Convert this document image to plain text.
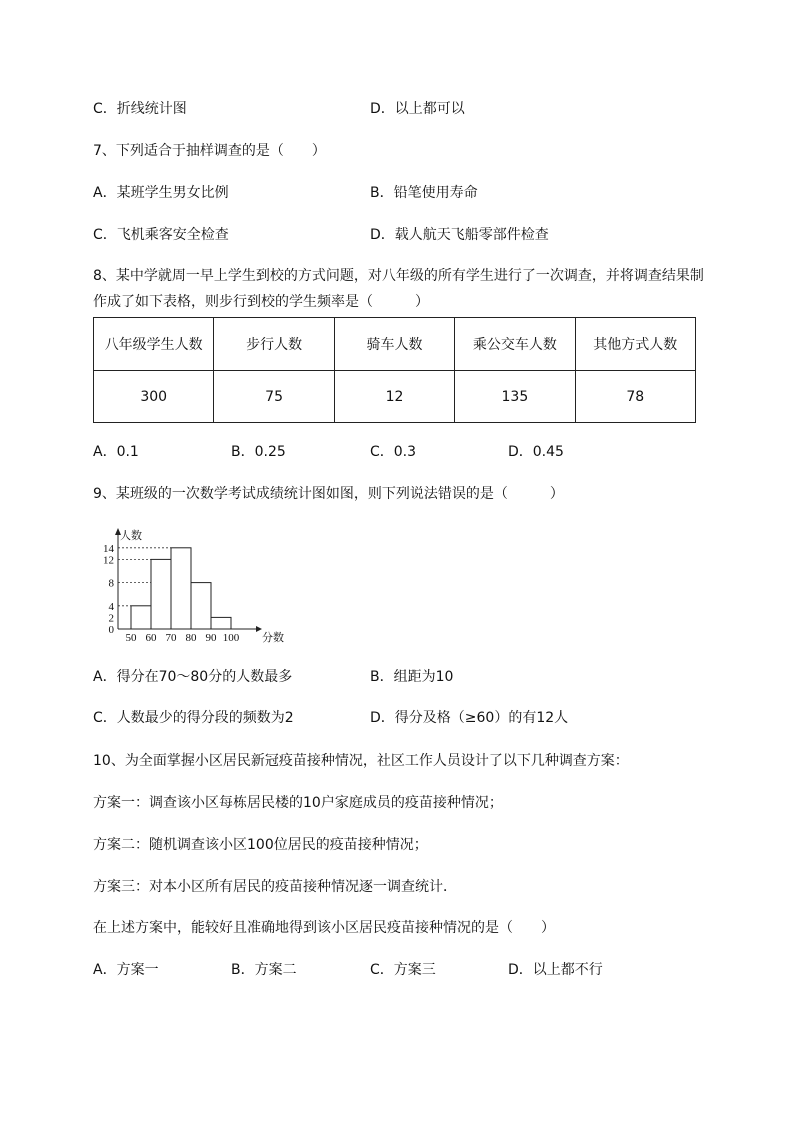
C．折线统计图	D．以上都可以
7、下列适合于抽样调查的是（　　）
A．某班学生男女比例	B．铅笔使用寿命
C．飞机乘客安全检查	D．载人航天飞船零部件检查
8、某中学就周一早上学生到校的方式问题，对八年级的所有学生进行了一次调查，并将调查结果制
作成了如下表格，则步行到校的学生频率是（　　　）
八年级学生人数	步行人数	骑车人数	乘公交车人数	其他方式人数
300	75	12	135	78
A．0.1	B．0.25	C．0.3	D．0.45
9、某班级的一次数学考试成绩统计图如图，则下列说法错误的是（　　　）
0
2
4
8
12
14
50 60 70 80 90 100
人数
分数
A．得分在70～80分的人数最多	B．组距为10
C．人数最少的得分段的频数为2	D．得分及格（≥60）的有12人
10、为全面掌握小区居民新冠疫苗接种情况，社区工作人员设计了以下几种调查方案：
方案一：调查该小区每栋居民楼的10户家庭成员的疫苗接种情况；
方案二：随机调查该小区100位居民的疫苗接种情况；
方案三：对本小区所有居民的疫苗接种情况逐一调查统计．
在上述方案中，能较好且准确地得到该小区居民疫苗接种情况的是（　　）
A．方案一	B．方案二	C．方案三	D．以上都不行
